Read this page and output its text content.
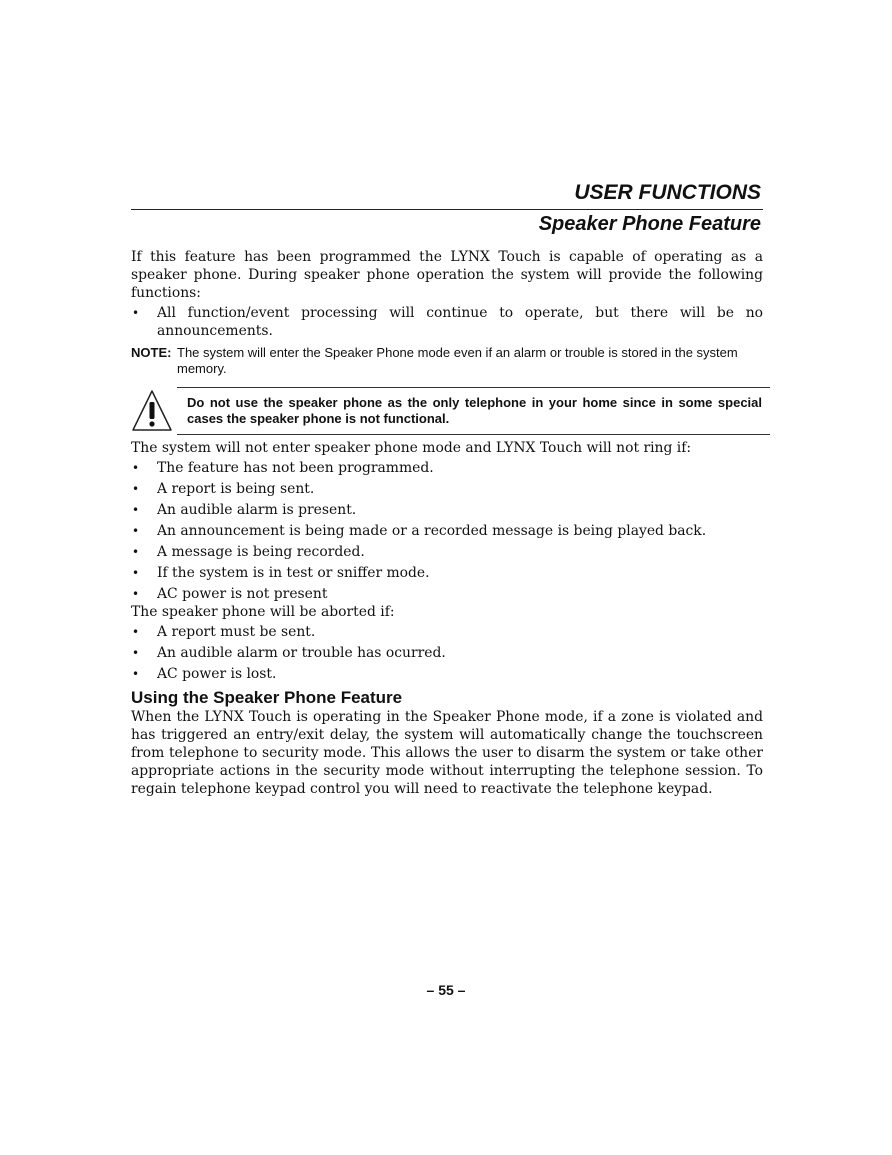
USER FUNCTIONS
Speaker Phone Feature
If this feature has been programmed the LYNX Touch is capable of operating as a speaker phone. During speaker phone operation the system will provide the following functions:
• All function/event processing will continue to operate, but there will be no announcements.
NOTE: The system will enter the Speaker Phone mode even if an alarm or trouble is stored in the system memory.
Do not use the speaker phone as the only telephone in your home since in some special cases the speaker phone is not functional.
The system will not enter speaker phone mode and LYNX Touch will not ring if:
• The feature has not been programmed.
• A report is being sent.
• An audible alarm is present.
• An announcement is being made or a recorded message is being played back.
• A message is being recorded.
• If the system is in test or sniffer mode.
• AC power is not present
The speaker phone will be aborted if:
• A report must be sent.
• An audible alarm or trouble has ocurred.
• AC power is lost.
Using the Speaker Phone Feature
When the LYNX Touch is operating in the Speaker Phone mode, if a zone is violated and has triggered an entry/exit delay, the system will automatically change the touchscreen from telephone to security mode. This allows the user to disarm the system or take other appropriate actions in the security mode without interrupting the telephone session. To regain telephone keypad control you will need to reactivate the telephone keypad.
– 55 –
